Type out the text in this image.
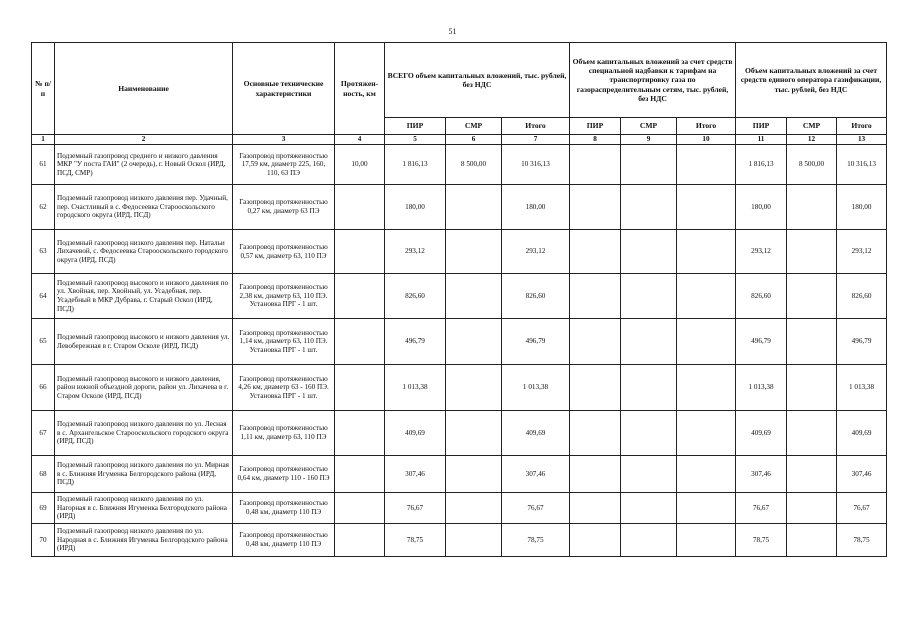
51
№ п/п	Наименование	Основные технические характеристики	Протяжен-ность, км	ВСЕГО объем капитальных вложений, тыс. рублей, без НДС			Объем капитальных вложений за счет средств специальной надбавки к тарифам на транспортировку газа по газораспределительным сетям, тыс. рублей, без НДС			Объем капитальных вложений за счет средств единого оператора газификации, тыс. рублей, без НДС		
				ПИР	СМР	Итого	ПИР	СМР	Итого	ПИР	СМР	Итого
1	2	3	4	5	6	7	8	9	10	11	12	13
61	Подземный газопровод среднего и низкого давления МКР "У поста ГАИ" (2 очередь), г. Новый Оскол (ИРД, ПСД, СМР)	Газопровод протяженностью 17,59 км, диаметр 225, 160, 110, 63 ПЭ	10,00	1 816,13	8 500,00	10 316,13				1 816,13	8 500,00	10 316,13
62	Подземный газопровод низкого давления пер. Удачный, пер. Счастливый в с. Федосеевка Старооскольского городского округа (ИРД, ПСД)	Газопровод протяженностью 0,27 км, диаметр 63 ПЭ		180,00		180,00				180,00		180,00
63	Подземный газопровод низкого давления пер. Натальи Лихачевой, с. Федосеевка Старооскольского городского округа (ИРД, ПСД)	Газопровод протяженностью 0,57 км, диаметр 63, 110 ПЭ		293,12		293,12				293,12		293,12
64	Подземный газопровод высокого и низкого давления по ул. Хвойная, пер. Хвойный, ул. Усадебная, пер. Усадебный в МКР Дубрава, г. Старый Оскол (ИРД, ПСД)	Газопровод протяженностью 2,38 км, диаметр 63, 110 ПЭ. Установка ПРГ - 1 шт.		826,60		826,60				826,60		826,60
65	Подземный газопровод высокого и низкого давления ул. Левобережная в г. Старом Осколе (ИРД, ПСД)	Газопровод протяженностью 1,14 км, диаметр 63, 110 ПЭ. Установка ПРГ - 1 шт.		496,79		496,79				496,79		496,79
66	Подземный газопровод высокого и низкого давления, район южной объездной дороги, район ул. Лихачева в г. Старом Осколе (ИРД, ПСД)	Газопровод протяженностью 4,26 км, диаметр 63 - 160 ПЭ. Установка ПРГ - 1 шт.		1 013,38		1 013,38				1 013,38		1 013,38
67	Подземный газопровод низкого давления по ул. Лесная в с. Архангельское Старооскольского городского округа (ИРД, ПСД)	Газопровод протяженностью 1,11 км, диаметр 63, 110 ПЭ		409,69		409,69				409,69		409,69
68	Подземный газопровод низкого давления по ул. Мирная в с. Ближняя Игуменка Белгородского района (ИРД, ПСД)	Газопровод протяженностью 0,64 км, диаметр 110 - 160 ПЭ		307,46		307,46				307,46		307,46
69	Подземный газопровод низкого давления по ул. Нагорная в с. Ближняя Игуменка Белгородского района (ИРД)	Газопровод протяженностью 0,48 км, диаметр 110 ПЭ		76,67		76,67				76,67		76,67
70	Подземный газопровод низкого давления по ул. Народная в с. Ближняя Игуменка Белгородского района (ИРД)	Газопровод протяженностью 0,48 км, диаметр 110 ПЭ		78,75		78,75				78,75		78,75
